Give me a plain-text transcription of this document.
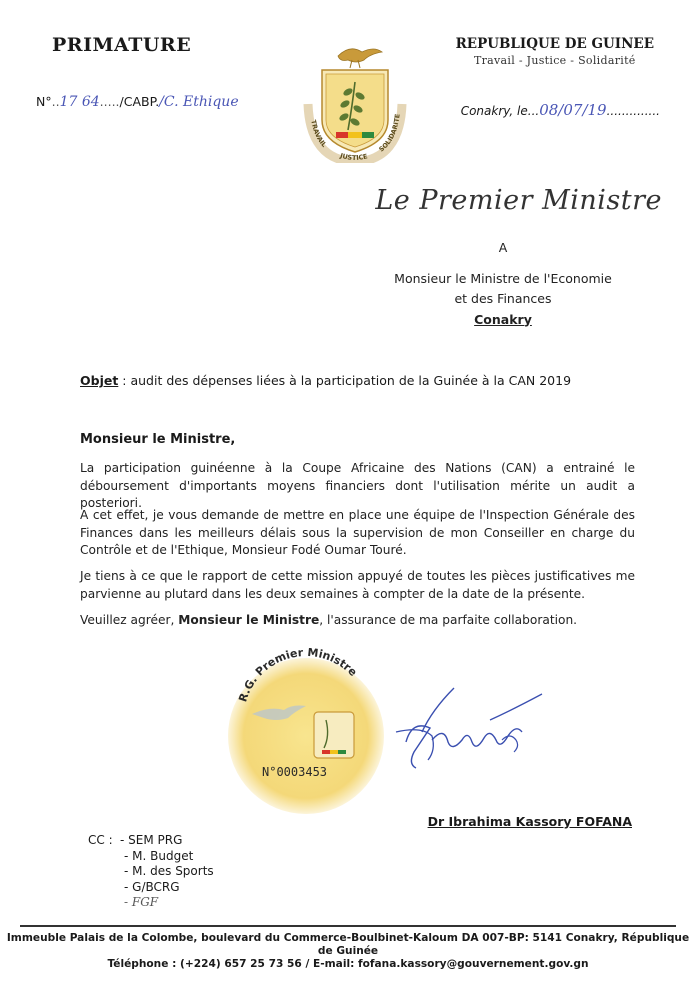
PRIMATURE	REPUBLIQUE DE GUINEE
Travail - Justice - Solidarité
TRAVAIL
JUSTICE
SOLIDARITE
N°..17 64...../CABP./C. Ethique
Conakry, le...08/07/19..............
Le Premier Ministre
A
Monsieur le Ministre de l'Economie
et des Finances
Conakry
Objet : audit des dépenses liées à la participation de la Guinée à la CAN 2019
Monsieur le Ministre,
La participation guinéenne à la Coupe Africaine des Nations (CAN) a entrainé le déboursement d'importants moyens financiers dont l'utilisation mérite un audit a posteriori.
A cet effet, je vous demande de mettre en place une équipe de l'Inspection Générale des Finances dans les meilleurs délais sous la supervision de mon Conseiller en charge du Contrôle et de l'Ethique, Monsieur Fodé Oumar Touré.
Je tiens à ce que le rapport de cette mission appuyé de toutes les pièces justificatives me parvienne au plutard dans les deux semaines à compter de la date de la présente.
Veuillez agréer, Monsieur le Ministre, l'assurance de ma parfaite collaboration.
R.G. Premier Ministre
N°0003453
Dr Ibrahima Kassory FOFANA
CC : - SEM PRG
- M. Budget
- M. des Sports
- G/BCRG
- FGF
Immeuble Palais de la Colombe, boulevard du Commerce-Boulbinet-Kaloum DA 007-BP: 5141 Conakry, République de Guinée
Téléphone : (+224) 657 25 73 56 / E-mail: fofana.kassory@gouvernement.gov.gn
